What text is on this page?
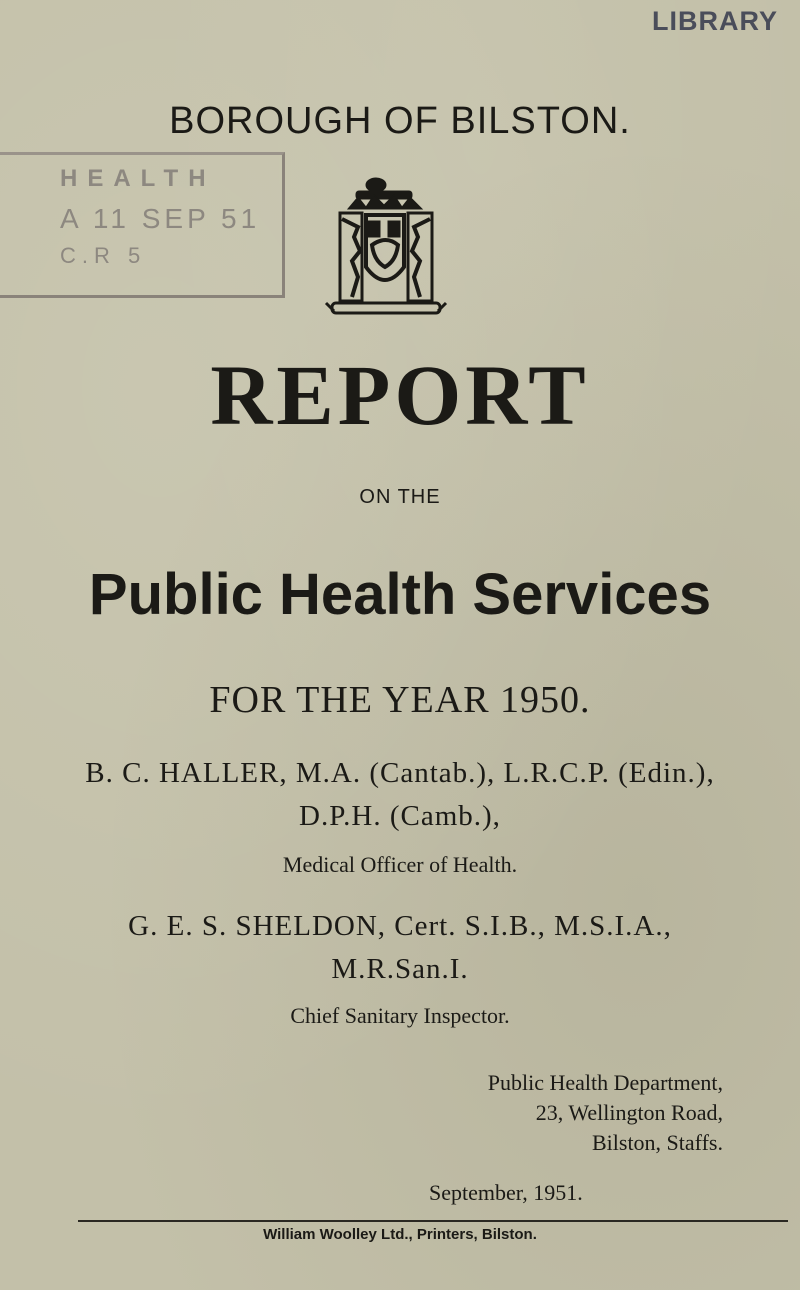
LIBRARY
BOROUGH OF BILSTON.
HEALTH
A 11 SEP 51
C.R 5
REPORT
ON THE
Public Health Services
FOR THE YEAR 1950.
B. C. HALLER, M.A. (Cantab.), L.R.C.P. (Edin.),
D.P.H. (Camb.),
Medical Officer of Health.
G. E. S. SHELDON, Cert. S.I.B., M.S.I.A.,
M.R.San.I.
Chief Sanitary Inspector.
Public Health Department,
23, Wellington Road,
Bilston, Staffs.
September, 1951.
William Woolley Ltd., Printers, Bilston.
